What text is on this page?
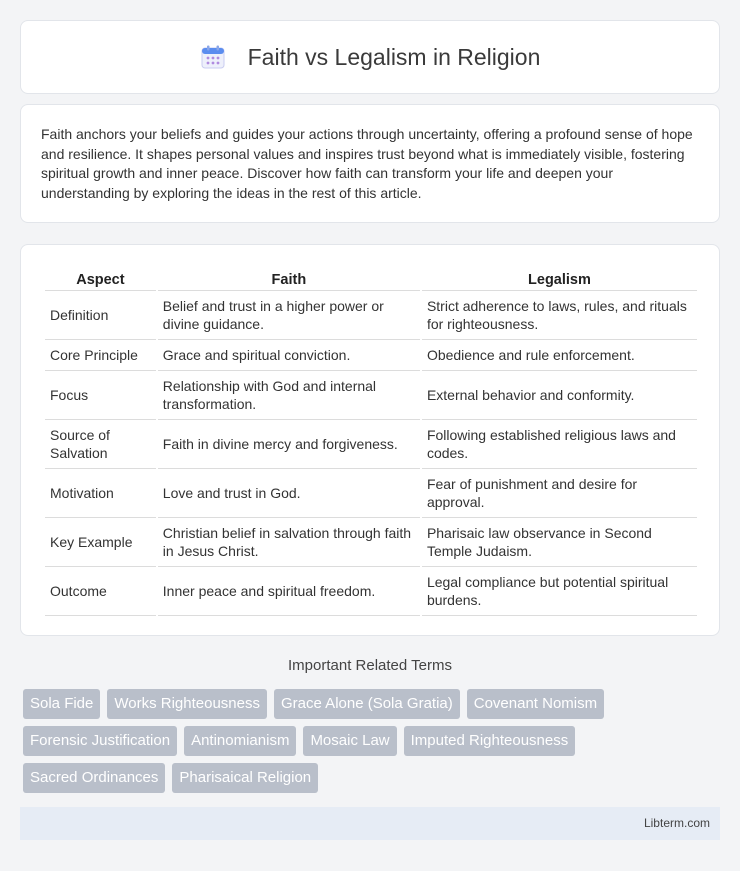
Faith vs Legalism in Religion

Faith anchors your beliefs and guides your actions through uncertainty, offering a profound sense of hope and resilience. It shapes personal values and inspires trust beyond what is immediately visible, fostering spiritual growth and inner peace. Discover how faith can transform your life and deepen your understanding by exploring the ideas in the rest of this article.

Aspect	Faith	Legalism
Definition	Belief and trust in a higher power or divine guidance.	Strict adherence to laws, rules, and rituals for righteousness.
Core Principle	Grace and spiritual conviction.	Obedience and rule enforcement.
Focus	Relationship with God and internal transformation.	External behavior and conformity.
Source of Salvation	Faith in divine mercy and forgiveness.	Following established religious laws and codes.
Motivation	Love and trust in God.	Fear of punishment and desire for approval.
Key Example	Christian belief in salvation through faith in Jesus Christ.	Pharisaic law observance in Second Temple Judaism.
Outcome	Inner peace and spiritual freedom.	Legal compliance but potential spiritual burdens.
Important Related Terms
Sola Fide	Works Righteousness	Grace Alone (Sola Gratia)	Covenant Nomism
Forensic Justification	Antinomianism	Mosaic Law	Imputed Righteousness
Sacred Ordinances	Pharisaical Religion
Libterm.com
